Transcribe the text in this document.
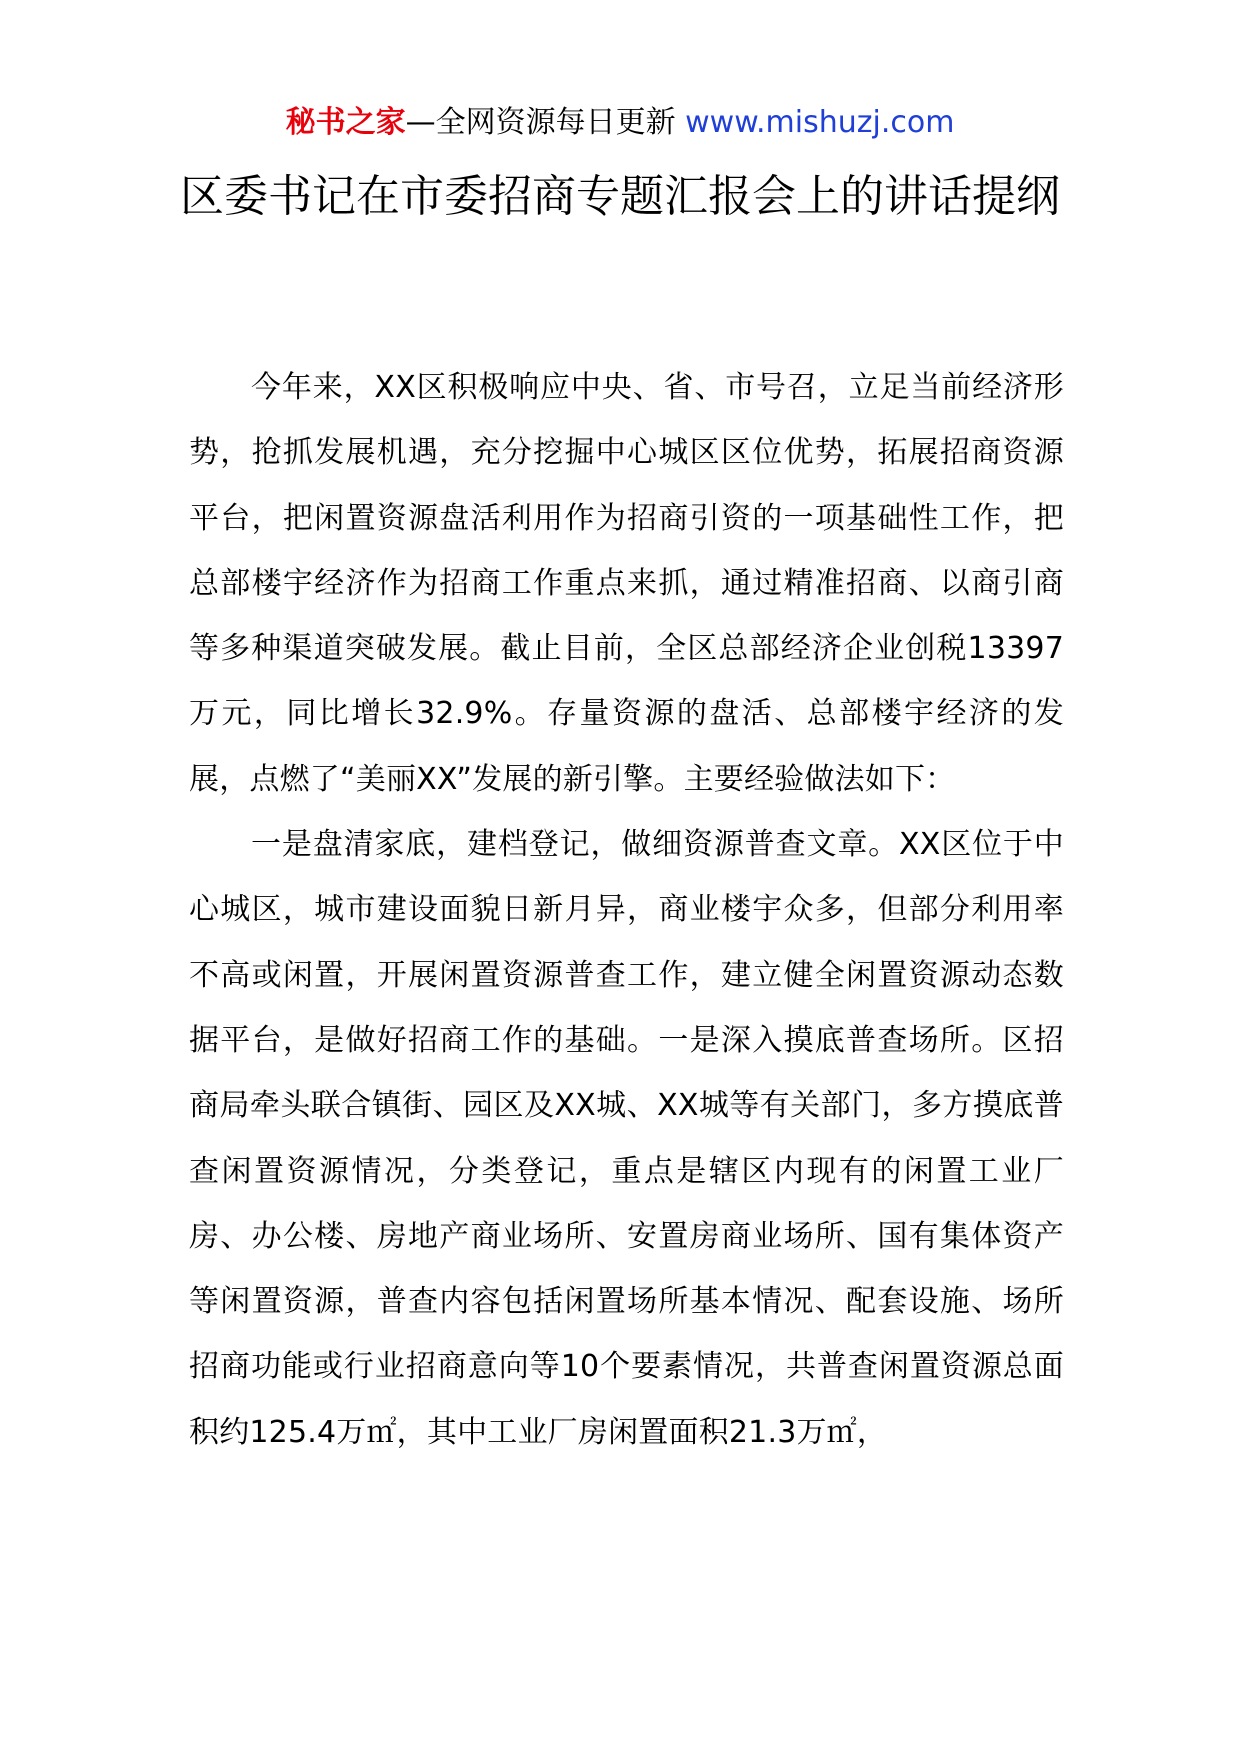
秘书之家—全网资源每日更新 www.mishuzj.com
区委书记在市委招商专题汇报会上的讲话提纲

今年来，XX区积极响应中央、省、市号召，立足当前经济形势，抢抓发展机遇，充分挖掘中心城区区位优势，拓展招商资源平台，把闲置资源盘活利用作为招商引资的一项基础性工作，把总部楼宇经济作为招商工作重点来抓，通过精准招商、以商引商等多种渠道突破发展。截止目前，全区总部经济企业创税13397万元，同比增长32.9%。存量资源的盘活、总部楼宇经济的发展，点燃了“美丽XX”发展的新引擎。主要经验做法如下：

一是盘清家底，建档登记，做细资源普查文章。XX区位于中心城区，城市建设面貌日新月异，商业楼宇众多，但部分利用率不高或闲置，开展闲置资源普查工作，建立健全闲置资源动态数据平台，是做好招商工作的基础。一是深入摸底普查场所。区招商局牵头联合镇街、园区及XX城、XX城等有关部门，多方摸底普查闲置资源情况，分类登记，重点是辖区内现有的闲置工业厂房、办公楼、房地产商业场所、安置房商业场所、国有集体资产等闲置资源，普查内容包括闲置场所基本情况、配套设施、场所招商功能或行业招商意向等10个要素情况，共普查闲置资源总面积约125.4万㎡，其中工业厂房闲置面积21.3万㎡，
